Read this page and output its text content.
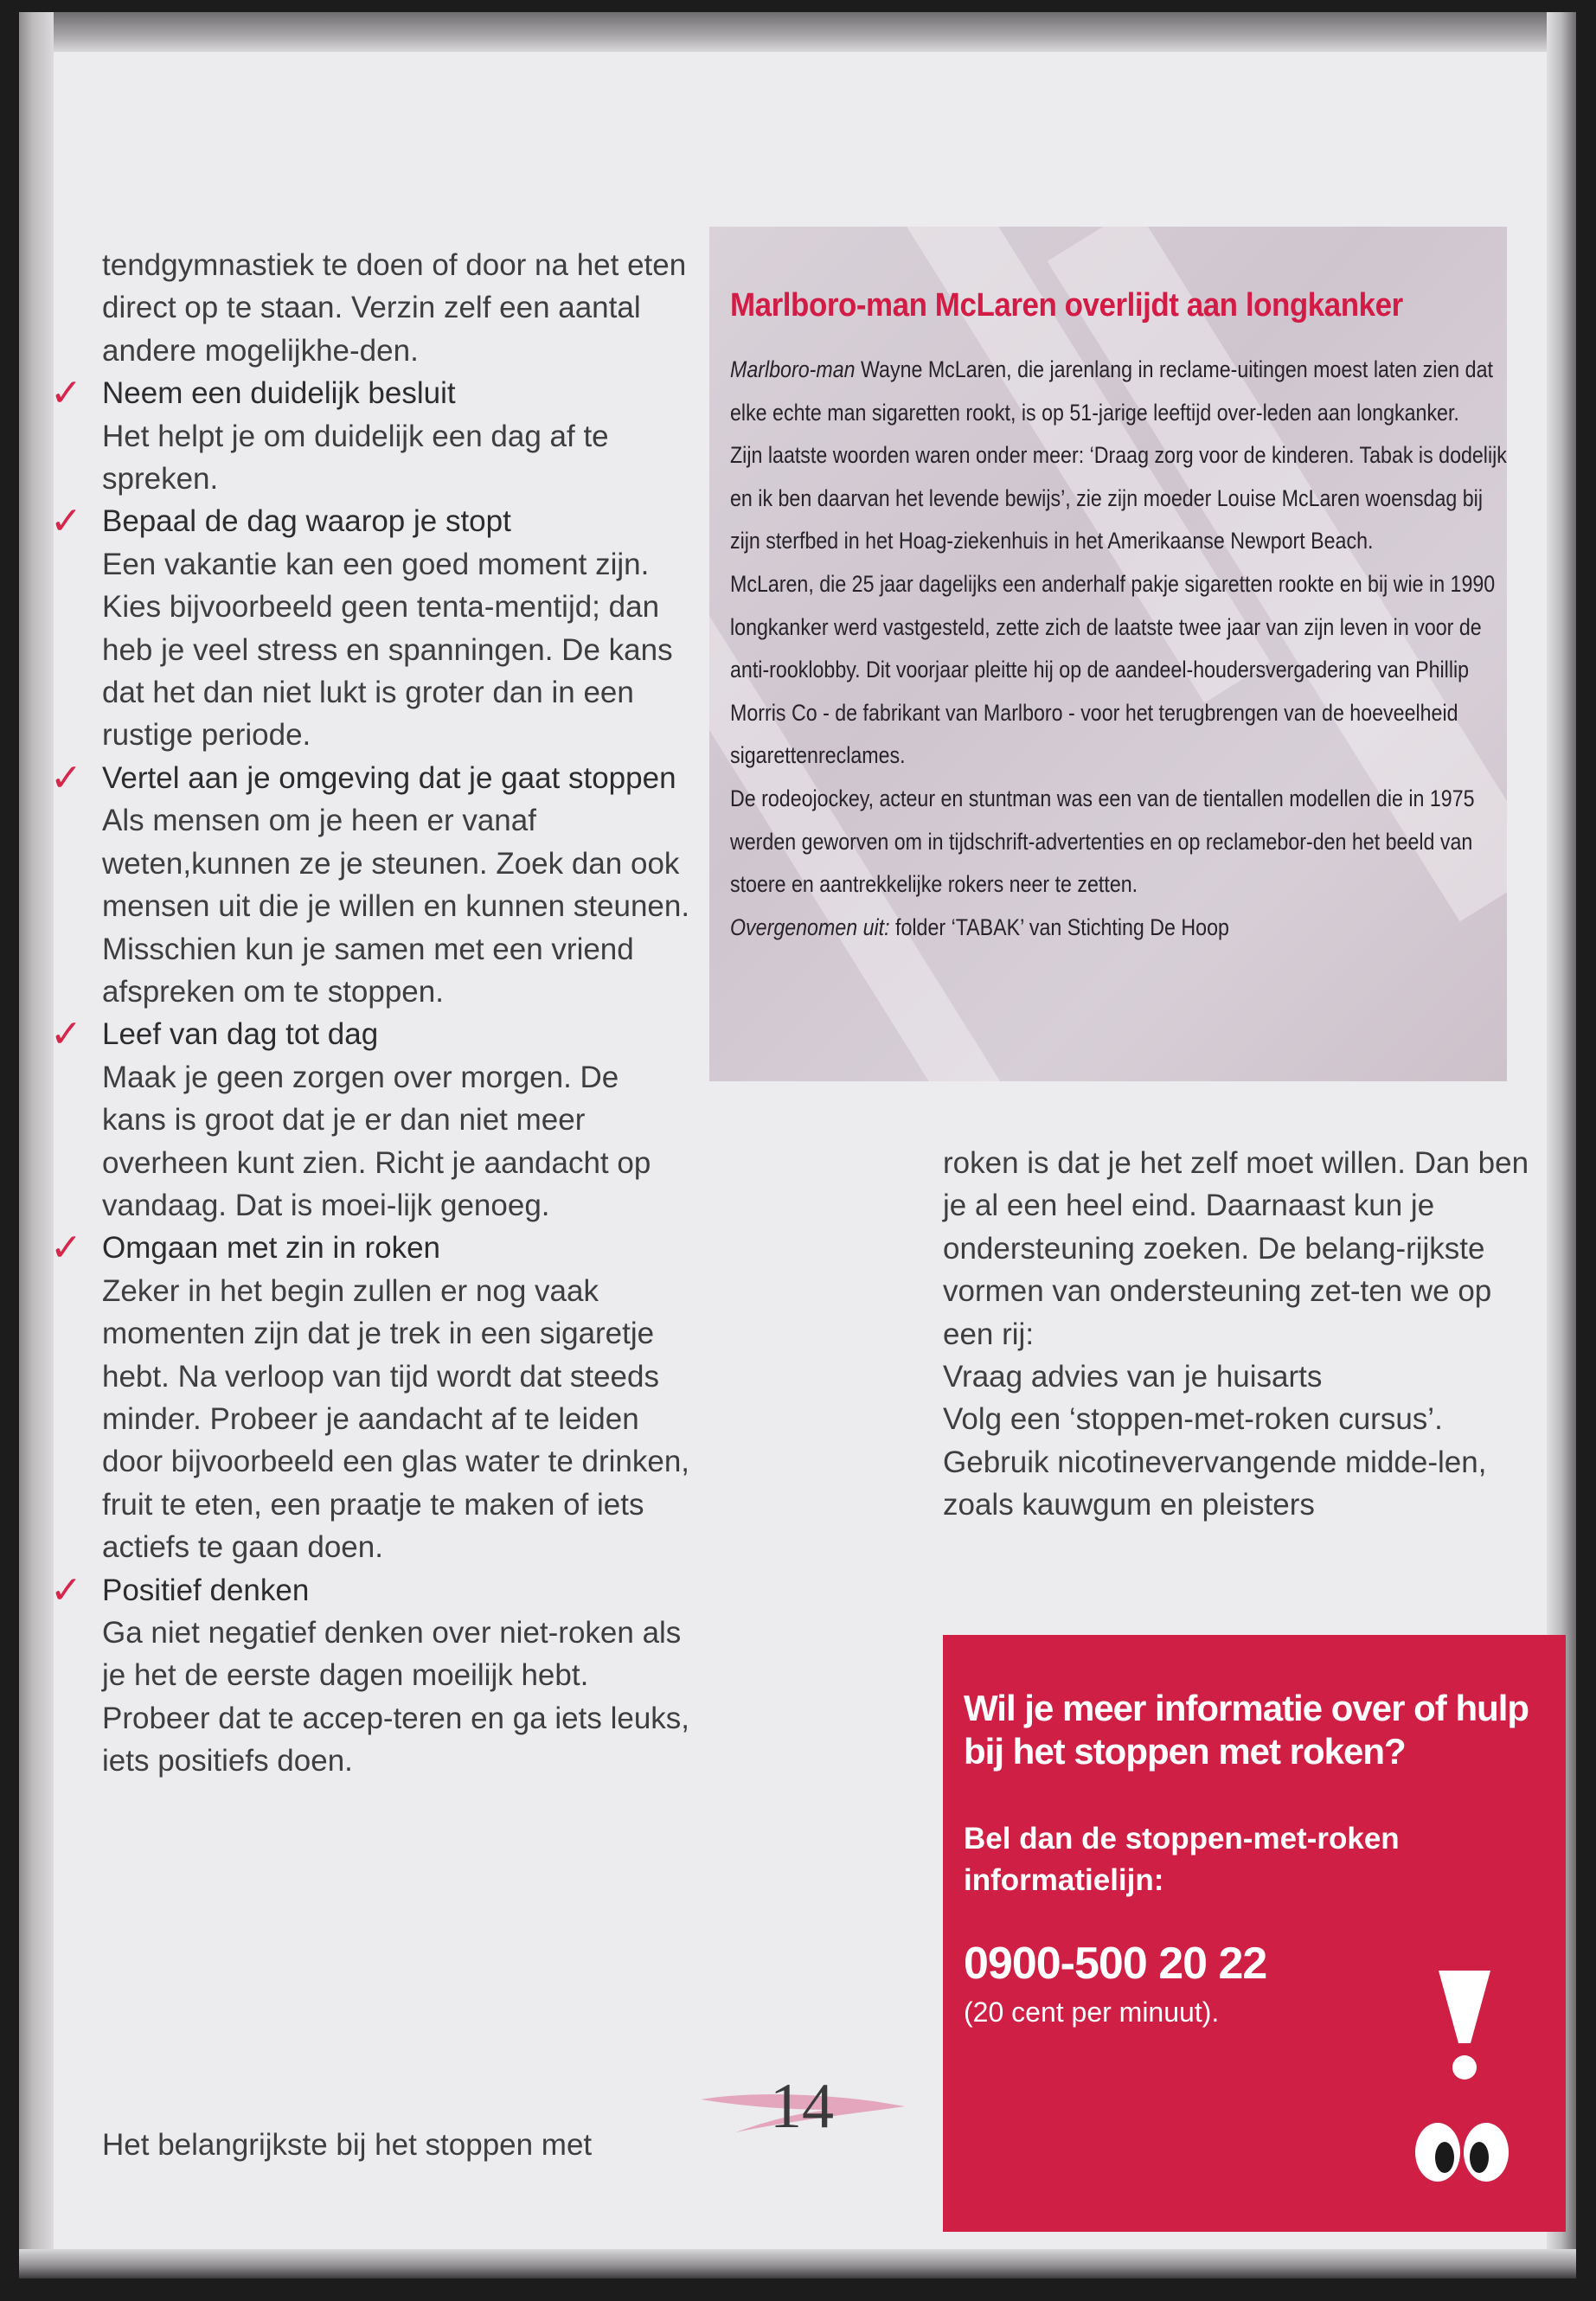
tendgymnastiek te doen of door na het eten direct op te staan. Verzin zelf een aantal andere mogelijkhe-den.

✓ Neem een duidelijk besluit

Het helpt je om duidelijk een dag af te spreken.

✓ Bepaal de dag waarop je stopt

Een vakantie kan een goed moment zijn. Kies bijvoorbeeld geen tenta-mentijd; dan heb je veel stress en spanningen. De kans dat het dan niet lukt is groter dan in een rustige periode.

✓ Vertel aan je omgeving dat je gaat stoppen

Als mensen om je heen er vanaf weten,kunnen ze je steunen. Zoek dan ook mensen uit die je willen en kunnen steunen. Misschien kun je samen met een vriend afspreken om te stoppen.

✓ Leef van dag tot dag

Maak je geen zorgen over morgen. De kans is groot dat je er dan niet meer overheen kunt zien. Richt je aandacht op vandaag. Dat is moei-lijk genoeg.

✓ Omgaan met zin in roken

Zeker in het begin zullen er nog vaak momenten zijn dat je trek in een sigaretje hebt. Na verloop van tijd wordt dat steeds minder. Probeer je aandacht af te leiden door bijvoorbeeld een glas water te drinken, fruit te eten, een praatje te maken of iets actiefs te gaan doen.

✓ Positief denken

Ga niet negatief denken over niet-roken als je het de eerste dagen moeilijk hebt. Probeer dat te accep-teren en ga iets leuks, iets positiefs doen.

Het belangrijkste bij het stoppen met
Marlboro-man McLaren overlijdt aan longkanker

Marlboro-man Wayne McLaren, die jarenlang in reclame-uitingen moest laten zien dat elke echte man sigaretten rookt, is op 51-jarige leeftijd over-leden aan longkanker.

Zijn laatste woorden waren onder meer: ‘Draag zorg voor de kinderen. Tabak is dodelijk en ik ben daarvan het levende bewijs’, zie zijn moeder Louise McLaren woensdag bij zijn sterfbed in het Hoag-ziekenhuis in het Amerikaanse Newport Beach.

McLaren, die 25 jaar dagelijks een anderhalf pakje sigaretten rookte en bij wie in 1990 longkanker werd vastgesteld, zette zich de laatste twee jaar van zijn leven in voor de anti-rooklobby. Dit voorjaar pleitte hij op de aandeel-houdersvergadering van Phillip Morris Co - de fabrikant van Marlboro - voor het terugbrengen van de hoeveelheid sigarettenreclames.

De rodeojockey, acteur en stuntman was een van de tientallen modellen die in 1975 werden geworven om in tijdschrift-advertenties en op reclamebor-den het beeld van stoere en aantrekkelijke rokers neer te zetten.

Overgenomen uit: folder ‘TABAK’ van Stichting De Hoop

roken is dat je het zelf moet willen. Dan ben je al een heel eind. Daarnaast kun je ondersteuning zoeken. De belang-rijkste vormen van ondersteuning zet-ten we op een rij:

Vraag advies van je huisarts

Volg een ‘stoppen-met-roken cursus’.

Gebruik nicotinevervangende midde-len, zoals kauwgum en pleisters

Wil je meer informatie over of hulp bij het stoppen met roken?
Bel dan de stoppen-met-roken informatielijn:
0900-500 20 22
(20 cent per minuut).
14
